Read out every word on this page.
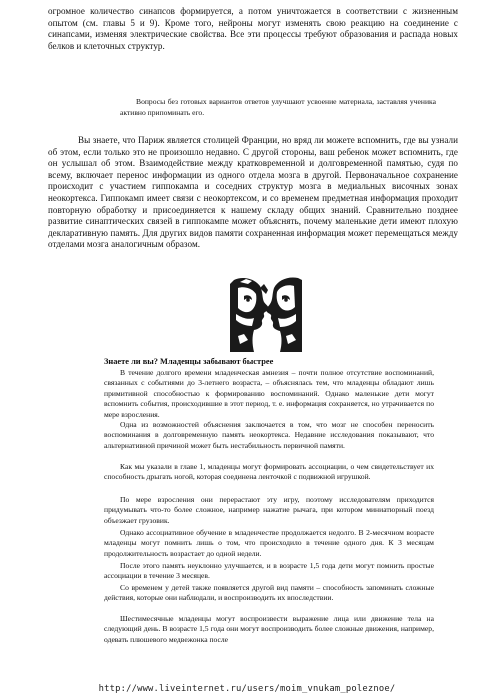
огромное количество синапсов формируется, а потом уничтожается в соответствии с жизненным опытом (см. главы 5 и 9). Кроме того, нейроны могут изменять свою реакцию на соединение с синапсами, изменяя электрические свойства. Все эти процессы требуют образования и распада новых белков и клеточных структур.

Вопросы без готовых вариантов ответов улучшают усвоение материала, заставляя ученика активно припоминать его.

Вы знаете, что Париж является столицей Франции, но вряд ли можете вспомнить, где вы узнали об этом, если только это не произошло недавно. С другой стороны, ваш ребенок может вспомнить, где он услышал об этом. Взаимодействие между кратковременной и долговременной памятью, судя по всему, включает перенос информации из одного отдела мозга в другой. Первоначальное сохранение происходит с участием гиппокампа и соседних структур мозга в медиальных височных зонах неокортекса. Гиппокамп имеет связи с неокортексом, и со временем предметная информация проходит повторную обработку и присоединяется к нашему складу общих знаний. Сравнительно позднее развитие синаптических связей в гиппокампе может объяснять, почему маленькие дети имеют плохую декларативную память. Для других видов памяти сохраненная информация может перемещаться между отделами мозга аналогичным образом.

Знаете ли вы? Младенцы забывают быстрее

В течение долгого времени младенческая амнезия – почти полное отсутствие воспоминаний, связанных с событиями до 3-летнего возраста, – объяснялась тем, что младенцы обладают лишь примитивной способностью к формированию воспоминаний. Однако маленькие дети могут вспомнить события, происходившие в этот период, т. е. информация сохраняется, но утрачивается по мере взросления.

Одна из возможностей объяснения заключается в том, что мозг не способен переносить воспоминания в долговременную память неокортекса. Недавние исследования показывают, что альтернативной причиной может быть нестабильность первичной памяти.

Как мы указали в главе 1, младенцы могут формировать ассоциации, о чем свидетельствует их способность дрыгать ногой, которая соединена ленточкой с подвижной игрушкой.

По мере взросления они перерастают эту игру, поэтому исследователям приходится придумывать что-то более сложное, например нажатие рычага, при котором миниатюрный поезд объезжает грузовик.

Однако ассоциативное обучение в младенчестве продолжается недолго. В 2-месячном возрасте младенцы могут помнить лишь о том, что происходило в течение одного дня. К 3 месяцам продолжительность возрастает до одной недели.

После этого память неуклонно улучшается, и в возрасте 1,5 года дети могут помнить простые ассоциации в течение 3 месяцев.

Со временем у детей также появляется другой вид памяти – способность запоминать сложные действия, которые они наблюдали, и воспроизводить их впоследствии.

Шестимесячные младенцы могут воспроизвести выражение лица или движение тела на следующий день. В возрасте 1,5 года они могут воспроизводить более сложные движения, например, одевать плюшевого медвежонка после

http://www.liveinternet.ru/users/moim_vnukam_poleznoe/
